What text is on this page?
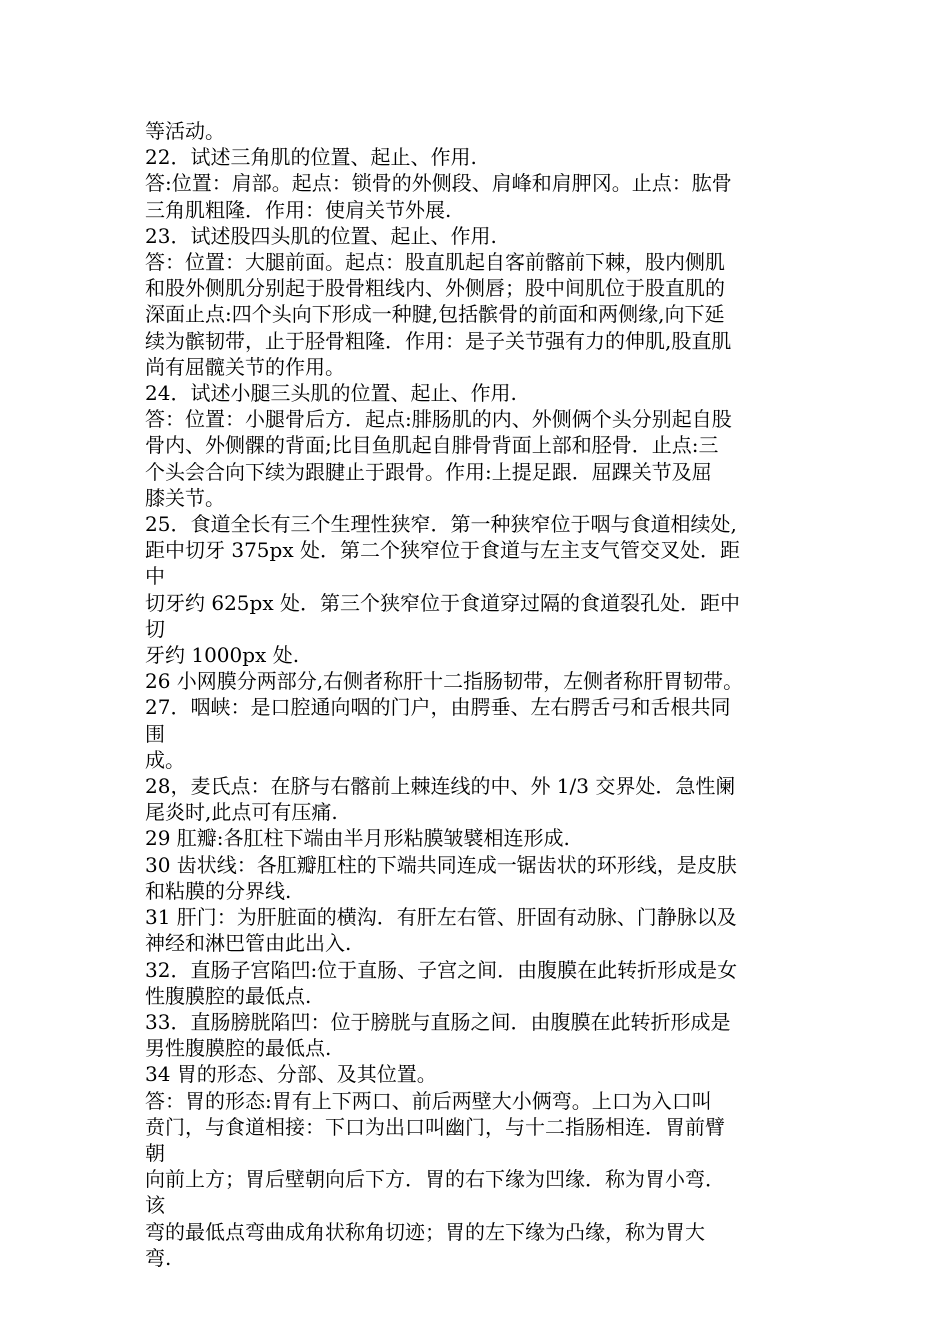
等活动。
22．试述三角肌的位置、起止、作用.
答:位置：肩部。起点：锁骨的外侧段、肩峰和肩胛冈。止点：肱骨
三角肌粗隆．作用：使肩关节外展.
23．试述股四头肌的位置、起止、作用.
答：位置：大腿前面。起点：股直肌起自客前髂前下棘，股内侧肌
和股外侧肌分别起于股骨粗线内、外侧唇；股中间肌位于股直肌的
深面止点:四个头向下形成一种腱,包括髌骨的前面和两侧缘,向下延
续为髌韧带，止于胫骨粗隆．作用：是子关节强有力的伸肌,股直肌
尚有屈髋关节的作用。
24．试述小腿三头肌的位置、起止、作用.
答：位置：小腿骨后方．起点:腓肠肌的内、外侧俩个头分别起自股
骨内、外侧髁的背面;比目鱼肌起自腓骨背面上部和胫骨．止点:三
个头会合向下续为跟腱止于跟骨。作用:上提足跟．屈踝关节及屈
膝关节。
25．食道全长有三个生理性狭窄．第一种狭窄位于咽与食道相续处,
距中切牙 375px 处．第二个狭窄位于食道与左主支气管交叉处．距
中
切牙约 625px 处．第三个狭窄位于食道穿过隔的食道裂孔处．距中
切
牙约 1000px 处.
26 小网膜分两部分,右侧者称肝十二指肠韧带，左侧者称肝胃韧带。
27．咽峡：是口腔通向咽的门户，由腭垂、左右腭舌弓和舌根共同
围
成。
28，麦氏点：在脐与右髂前上棘连线的中、外 1/3 交界处．急性阑
尾炎时,此点可有压痛.
29 肛瓣:各肛柱下端由半月形粘膜皱襞相连形成.
30 齿状线：各肛瓣肛柱的下端共同连成一锯齿状的环形线，是皮肤
和粘膜的分界线.
31 肝门：为肝脏面的横沟．有肝左右管、肝固有动脉、门静脉以及
神经和淋巴管由此出入.
32．直肠子宫陷凹:位于直肠、子宫之间．由腹膜在此转折形成是女
性腹膜腔的最低点.
33．直肠膀胱陷凹：位于膀胱与直肠之间．由腹膜在此转折形成是
男性腹膜腔的最低点.
34 胃的形态、分部、及其位置。
答：胃的形态:胃有上下两口、前后两壁大小俩弯。上口为入口叫
贲门，与食道相接：下口为出口叫幽门，与十二指肠相连．胃前臂
朝
向前上方；胃后壁朝向后下方．胃的右下缘为凹缘．称为胃小弯．
该
弯的最低点弯曲成角状称角切迹；胃的左下缘为凸缘，称为胃大
弯.
